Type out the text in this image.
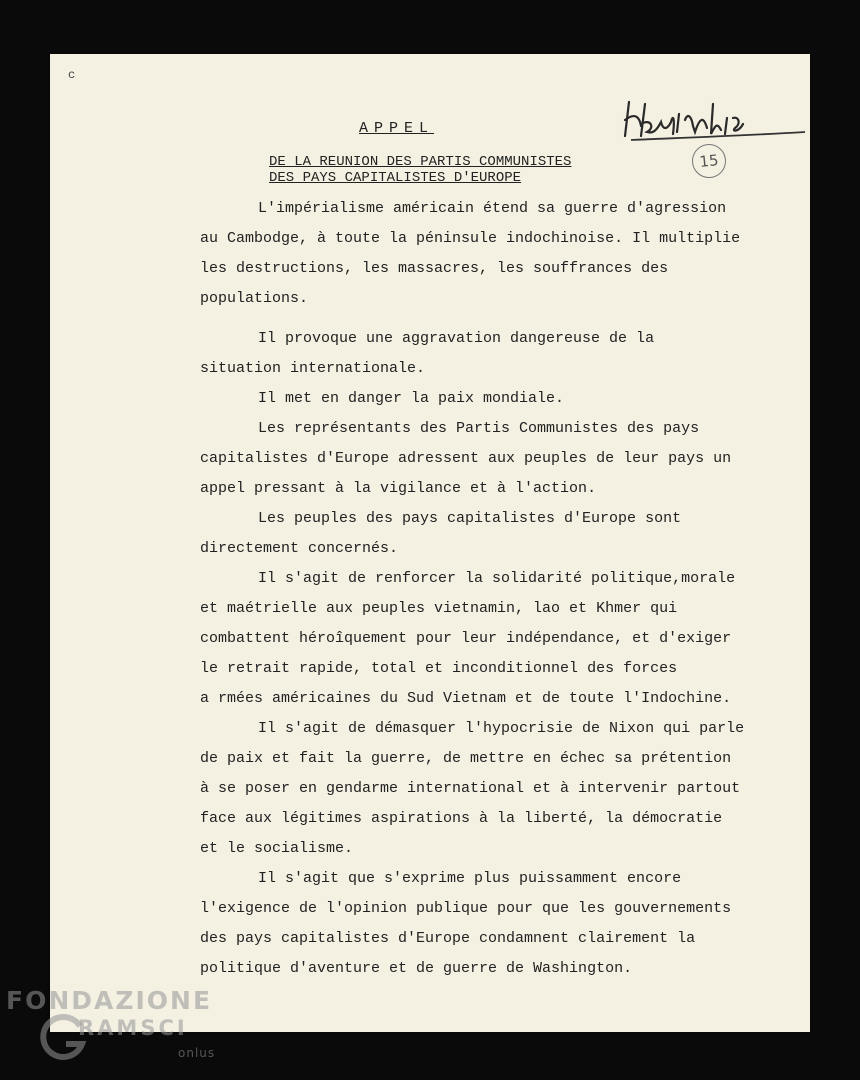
c
15
APPEL
DE LA REUNION DES PARTIS COMMUNISTES
DES PAYS CAPITALISTES D'EUROPE
L'impérialisme américain étend sa guerre d'agression
au Cambodge, à toute la péninsule indochinoise. Il multiplie
les destructions, les massacres, les souffrances des
populations.
Il provoque une aggravation dangereuse de la
situation internationale.
Il met en danger la paix mondiale.
Les représentants des Partis Communistes des pays
capitalistes d'Europe adressent aux peuples de leur pays un
appel pressant à la vigilance et à l'action.
Les peuples des pays capitalistes d'Europe sont
directement concernés.
Il s'agit de renforcer la solidarité politique,morale
et maétrielle aux peuples vietnamin, lao et Khmer qui
combattent héroîquement pour leur indépendance, et d'exiger
le retrait rapide, total et inconditionnel des forces
a rmées américaines du Sud Vietnam et de toute l'Indochine.
Il s'agit de démasquer l'hypocrisie de Nixon qui parle
de paix et fait la guerre, de mettre en échec sa prétention
à se poser en gendarme international et à intervenir partout
face aux légitimes aspirations à la liberté, la démocratie
et le socialisme.
Il s'agit que s'exprime plus puissamment encore
l'exigence de l'opinion publique pour que les gouvernements
des pays capitalistes d'Europe condamnent clairement la
politique d'aventure et de guerre de Washington.
FONDAZIONE
RAMSCI
onlus
